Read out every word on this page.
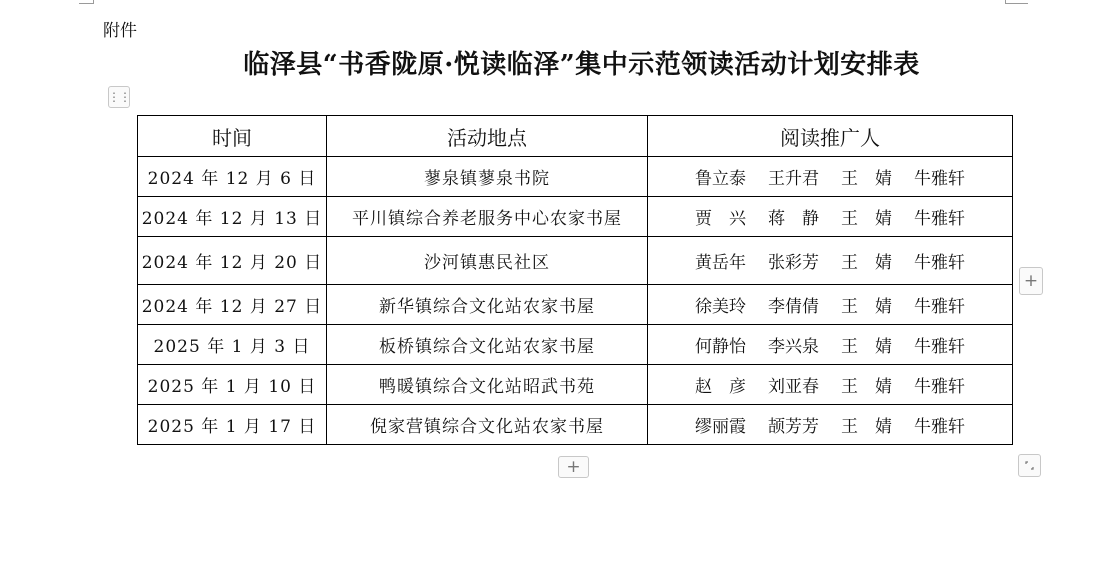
附件
临泽县“书香陇原·悦读临泽”集中示范领读活动计划安排表
⋮⋮
时间	活动地点	阅读推广人
2024 年 12 月 6 日	蓼泉镇蓼泉书院	鲁立泰 王升君 王　婧 牛雅轩
2024 年 12 月 13 日	平川镇综合养老服务中心农家书屋	贾　兴 蒋　静 王　婧 牛雅轩
2024 年 12 月 20 日	沙河镇惠民社区	黄岳年 张彩芳 王　婧 牛雅轩
2024 年 12 月 27 日	新华镇综合文化站农家书屋	徐美玲 李倩倩 王　婧 牛雅轩
2025 年 1 月 3 日	板桥镇综合文化站农家书屋	何静怡 李兴泉 王　婧 牛雅轩
2025 年 1 月 10 日	鸭暖镇综合文化站昭武书苑	赵　彦 刘亚春 王　婧 牛雅轩
2025 年 1 月 17 日	倪家营镇综合文化站农家书屋	缪丽霞 颉芳芳 王　婧 牛雅轩
+
+
